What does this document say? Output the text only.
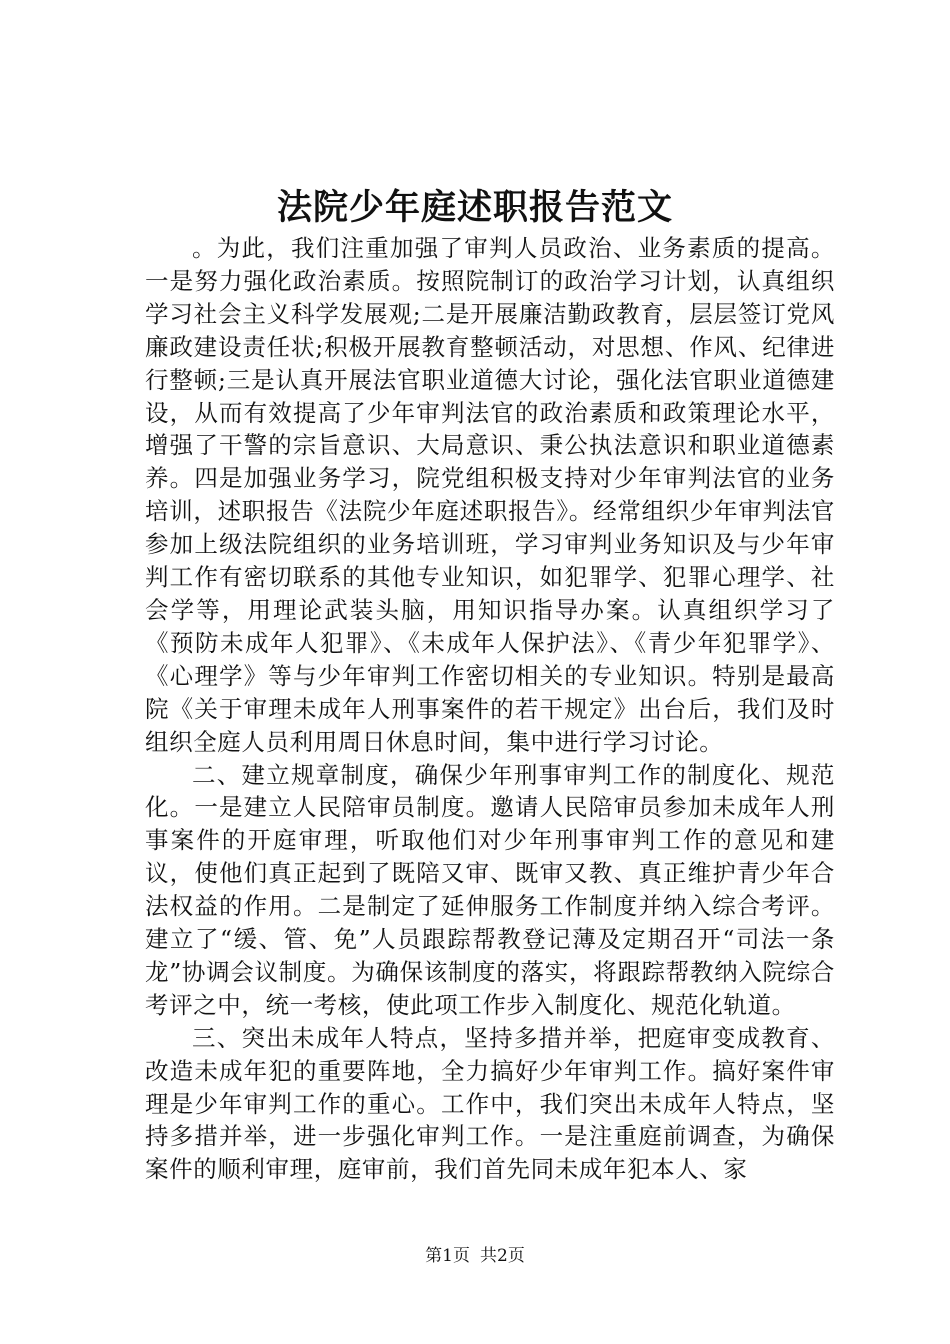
法院少年庭述职报告范文

。为此，我们注重加强了审判人员政治、业务素质的提高。一是努力强化政治素质。按照院制订的政治学习计划，认真组织学习社会主义科学发展观;二是开展廉洁勤政教育，层层签订党风廉政建设责任状;积极开展教育整顿活动，对思想、作风、纪律进行整顿;三是认真开展法官职业道德大讨论，强化法官职业道德建设，从而有效提高了少年审判法官的政治素质和政策理论水平，增强了干警的宗旨意识、大局意识、秉公执法意识和职业道德素养。四是加强业务学习，院党组积极支持对少年审判法官的业务培训，述职报告《法院少年庭述职报告》。经常组织少年审判法官参加上级法院组织的业务培训班，学习审判业务知识及与少年审判工作有密切联系的其他专业知识，如犯罪学、犯罪心理学、社会学等，用理论武装头脑，用知识指导办案。认真组织学习了《预防未成年人犯罪》、《未成年人保护法》、《青少年犯罪学》、《心理学》等与少年审判工作密切相关的专业知识。特别是最高院《关于审理未成年人刑事案件的若干规定》出台后，我们及时组织全庭人员利用周日休息时间，集中进行学习讨论。

二、建立规章制度，确保少年刑事审判工作的制度化、规范化。一是建立人民陪审员制度。邀请人民陪审员参加未成年人刑事案件的开庭审理，听取他们对少年刑事审判工作的意见和建议，使他们真正起到了既陪又审、既审又教、真正维护青少年合法权益的作用。二是制定了延伸服务工作制度并纳入综合考评。建立了“缓、管、免”人员跟踪帮教登记薄及定期召开“司法一条龙”协调会议制度。为确保该制度的落实，将跟踪帮教纳入院综合考评之中，统一考核，使此项工作步入制度化、规范化轨道。

三、突出未成年人特点，坚持多措并举，把庭审变成教育、改造未成年犯的重要阵地，全力搞好少年审判工作。搞好案件审理是少年审判工作的重心。工作中，我们突出未成年人特点，坚持多措并举，进一步强化审判工作。一是注重庭前调查，为确保案件的顺利审理，庭审前，我们首先同未成年犯本人、家

第1页 共2页
